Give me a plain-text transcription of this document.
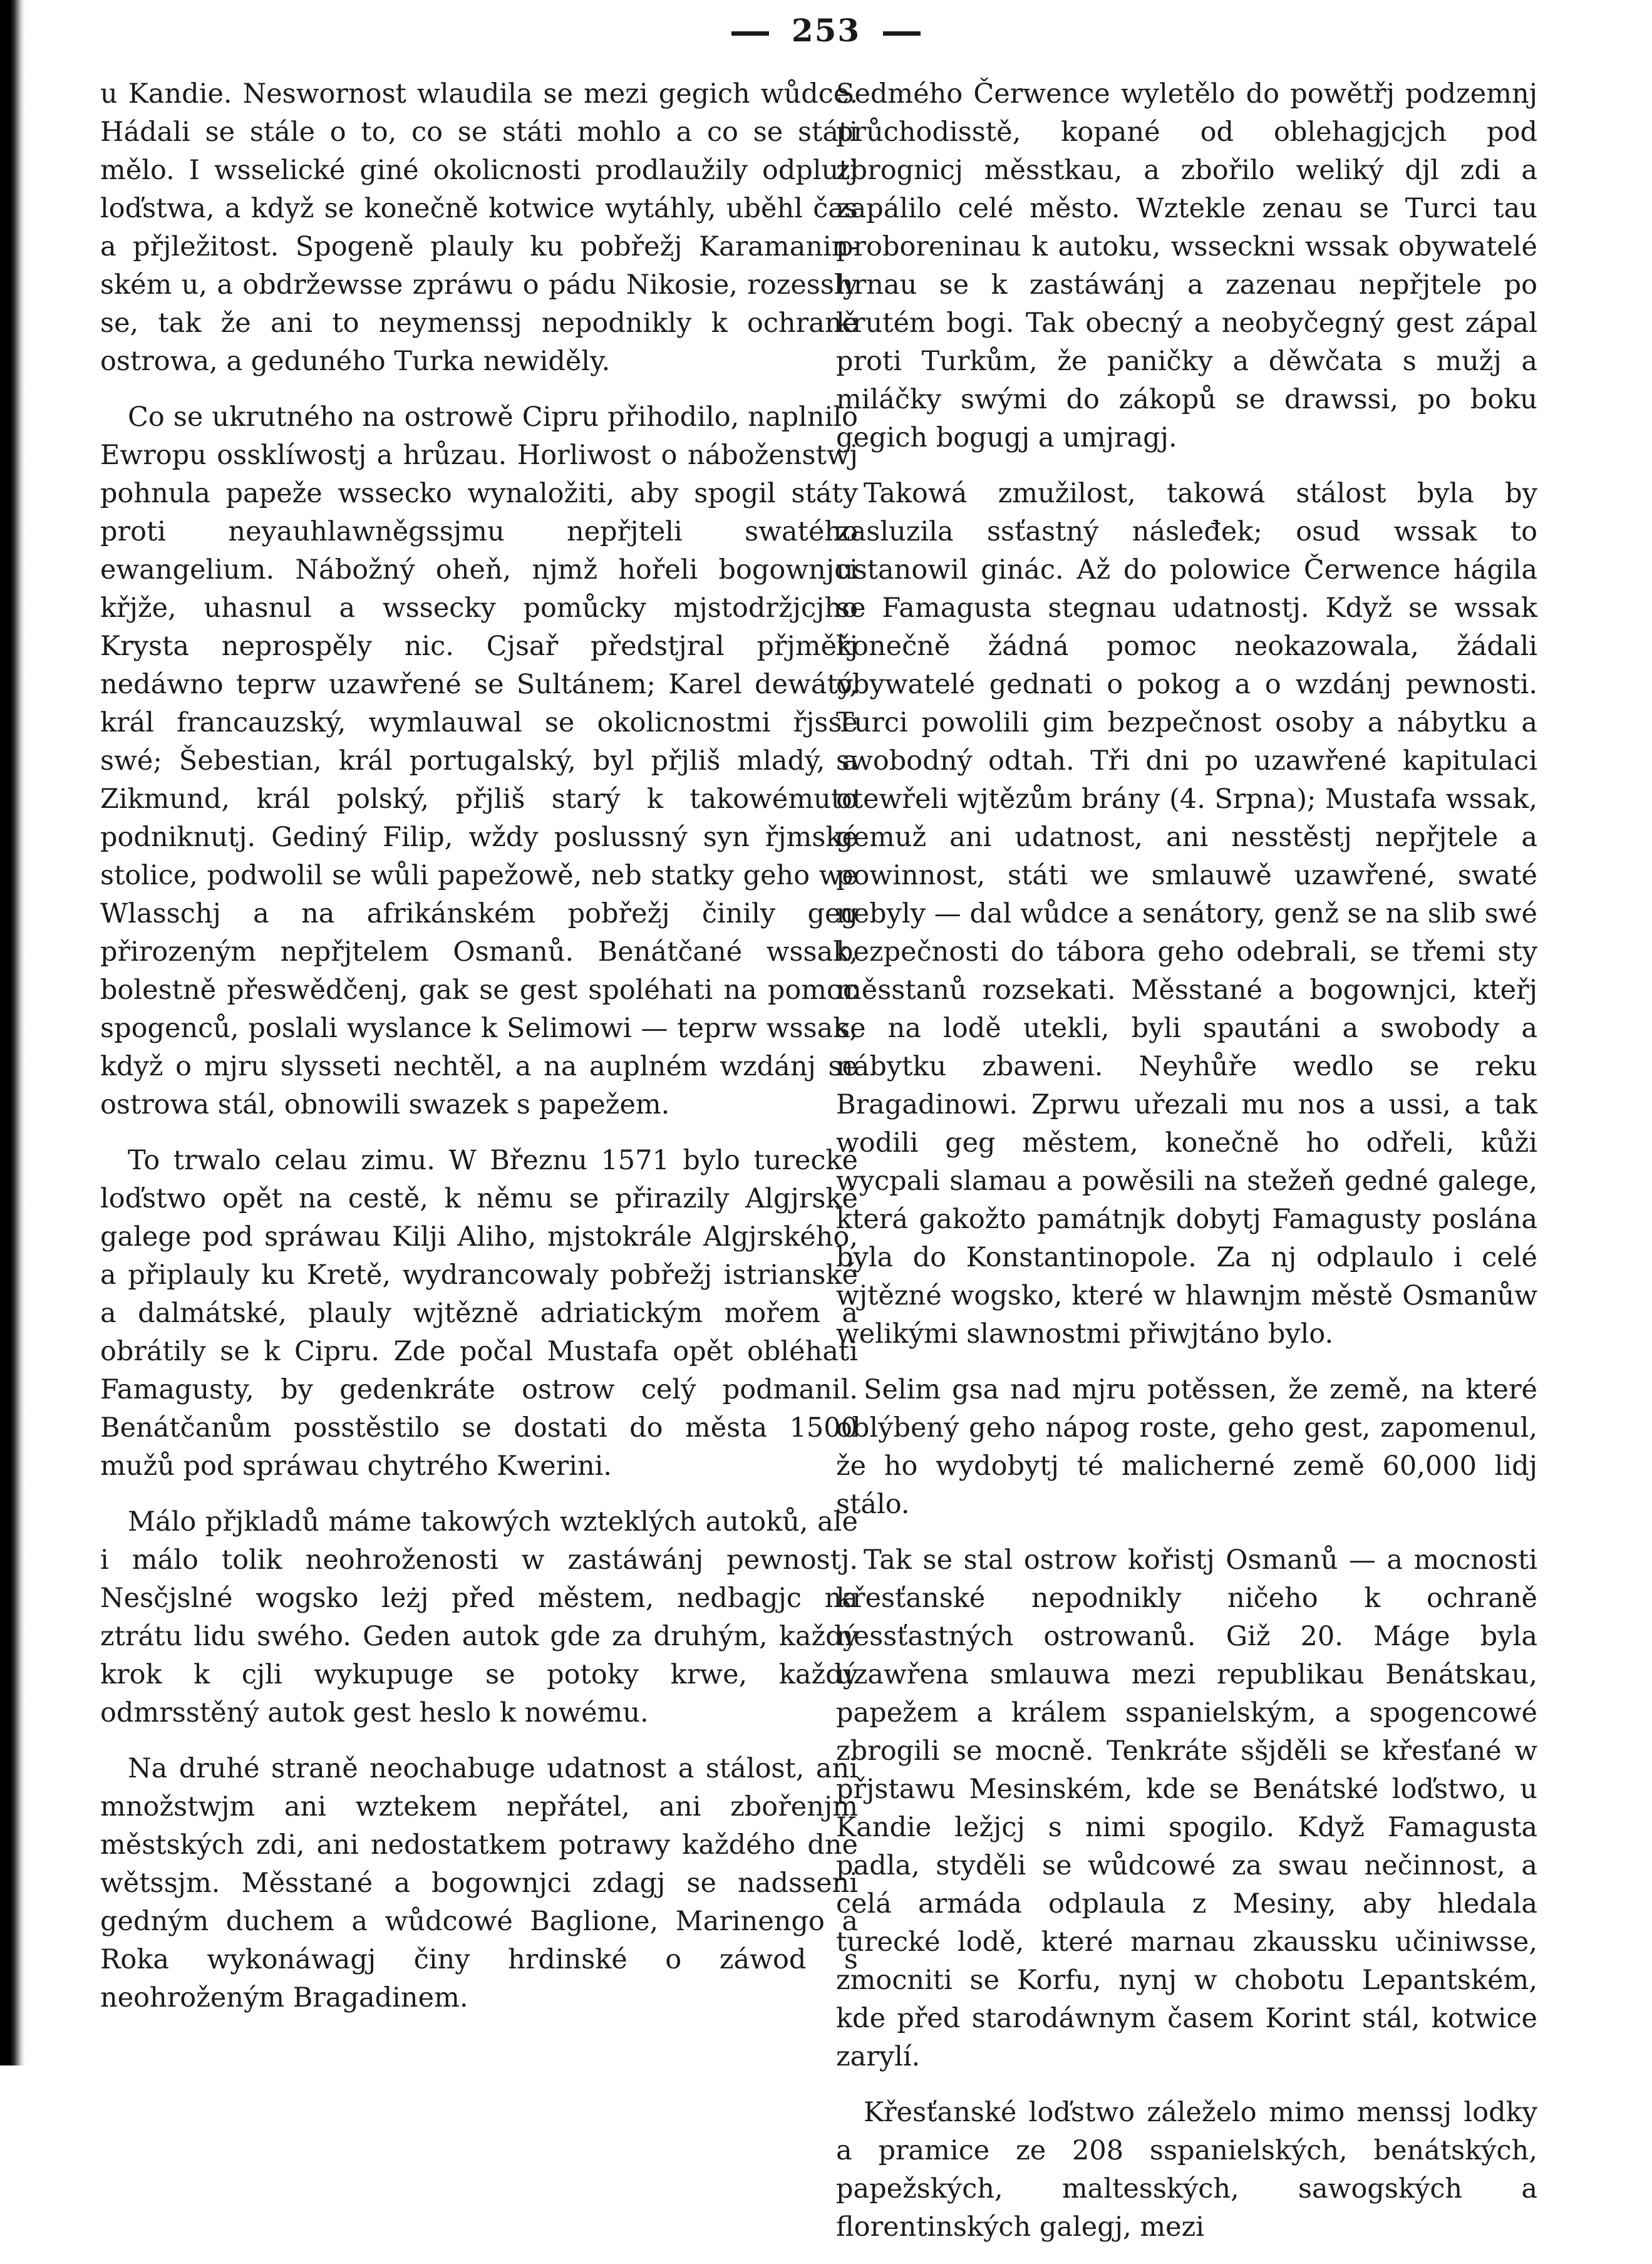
253

u Kandie. Neswornost wlaudila se mezi gegich wůdce. Hádali se stále o to, co se státi mohlo a co se státi mělo. I wsselické giné okolicnosti prodlaužily odplutj loďstwa, a když se konečně kotwice wytáhly, uběhl čas a přjležitost. Spogeně plauly ku pobřežj Karamanin-ském u, a obdržewsse zpráwu o pádu Nikosie, rozessly se, tak že ani to neymenssj nepodnikly k ochraně ostrowa, a geduného Turka newiděly.

Co se ukrutného na ostrowě Cipru přihodilo, naplnilo Ewropu ossklíwostj a hrůzau. Horliwost o náboženstwj pohnula papeže wssecko wynaložiti, aby spogil státy proti neyauhlawněgssjmu nepřjteli swatého ewangelium. Nábožný oheň, njmž hořeli bogownjci křjže, uhasnul a wssecky pomůcky mjstodržjcjho Krysta neprospěly nic. Cjsař předstjral přjměřj nedáwno teprw uzawřené se Sultánem; Karel dewátý, král francauzský, wymlauwal se okolicnostmi řjsse swé; Šebestian, král portugalský, byl přjliš mladý, a Zikmund, král polský, přjliš starý k takowémuto podniknutj. Gediný Filip, wždy poslussný syn řjmské stolice, podwolil se wůli papežowě, neb statky geho we Wlasschj a na afrikánském pobřežj činily geg přirozeným nepřjtelem Osmanů. Benátčané wssak, bolestně přeswědčenj, gak se gest spoléhati na pomoc spogenců, poslali wyslance k Selimowi — teprw wssak, když o mjru slysseti nechtěl, a na auplném wzdánj se ostrowa stál, obnowili swazek s papežem.

To trwalo celau zimu. W Březnu 1571 bylo turecké loďstwo opět na cestě, k němu se přirazily Algjrské galege pod spráwau Kilji Aliho, mjstokrále Algjrského, a připlauly ku Kretě, wydrancowaly pobřežj istrianské a dalmátské, plauly wjtězně adriatickým mořem a obrátily se k Cipru. Zde počal Mustafa opět obléhati Famagusty, by gedenkráte ostrow celý podmanil. Benátčanům posstěstilo se dostati do města 1500 mužů pod spráwau chytrého Kwerini.

Málo přjkladů máme takowých wzteklých autoků, ale i málo tolik neohroženosti w zastáwánj pewnostj. Nesčjslné wogsko leżj před městem, nedbagjc na ztrátu lidu swého. Geden autok gde za druhým, každý krok k cjli wykupuge se potoky krwe, každý odmrsstěný autok gest heslo k nowému.

Na druhé straně neochabuge udatnost a stálost, ani množstwjm ani wztekem nepřátel, ani zbořenjm městských zdi, ani nedostatkem potrawy každého dne wětssjm. Měsstané a bogownjci zdagj se nadsseni gedným duchem a wůdcowé Baglione, Marinengo a Roka wykonáwagj činy hrdinské o záwod s neohroženým Bragadinem.

Sedmého Čerwence wyletělo do powětřj podzemnj průchodisstě, kopané od oblehagjcjch pod zbrognicj měsstkau, a zbořilo weliký djl zdi a zapálilo celé město. Wztekle zenau se Turci tau proboreninau k autoku, wsseckni wssak obywatelé hrnau se k zastáwánj a zazenau nepřjtele po krutém bogi. Tak obecný a neobyčegný gest zápal proti Turkům, že paničky a děwčata s mužj a miláčky swými do zákopů se drawssi, po boku gegich bogugj a umjragj.

Takowá zmužilost, takowá stálost byla by zasluzila ssťastný násleđek; osud wssak to ustanowil ginác. Až do polowice Čerwence hágila se Famagusta stegnau udatnostj. Když se wssak konečně žádná pomoc neokazowala, žádali obywatelé gednati o pokog a o wzdánj pewnosti. Turci powolili gim bezpečnost osoby a nábytku a swobodný odtah. Tři dni po uzawřené kapitulaci otewřeli wjtězům brány (4. Srpna); Mustafa wssak, gemuž ani udatnost, ani nesstěstj nepřjtele a powinnost, státi we smlauwě uzawřené, swaté nebyly — dal wůdce a senátory, genž se na slib swé bezpečnosti do tábora geho odebrali, se třemi sty měsstanů rozsekati. Měsstané a bogownjci, kteřj se na lodě utekli, byli spautáni a swobody a nábytku zbaweni. Neyhůře wedlo se reku Bragadinowi. Zprwu uřezali mu nos a ussi, a tak wodili geg městem, konečně ho odřeli, kůži wycpali slamau a powěsili na stežeň gedné galege, která gakožto památnjk dobytj Famagusty poslána byla do Konstantinopole. Za nj odplaulo i celé wjtězné wogsko, které w hlawnjm městě Osmanůw welikými slawnostmi přiwjtáno bylo.

Selim gsa nad mjru potěssen, že země, na které oblýbený geho nápog roste, geho gest, zapomenul, že ho wydobytj té malicherné země 60,000 lidj stálo.

Tak se stal ostrow kořistj Osmanů — a mocnosti křesťanské nepodnikly ničeho k ochraně nessťastných ostrowanů. Giž 20. Máge byla uzawřena smlauwa mezi republikau Benátskau, papežem a králem sspanielským, a spogencowé zbrogili se mocně. Tenkráte sšjděli se křesťané w přjstawu Mesinském, kde se Benátské loďstwo, u Kandie ležjcj s nimi spogilo. Když Famagusta padla, styděli se wůdcowé za swau nečinnost, a celá armáda odplaula z Mesiny, aby hledala turecké lodě, které marnau zkaussku učiniwsse, zmocniti se Korfu, nynj w chobotu Lepantském, kde před starodáwnym časem Korint stál, kotwice zarylí.

Křesťanské loďstwo záleželo mimo menssj lodky a pramice ze 208 sspanielských, benátských, papežských, maltesských, sawogských a florentinských galegj, mezi
